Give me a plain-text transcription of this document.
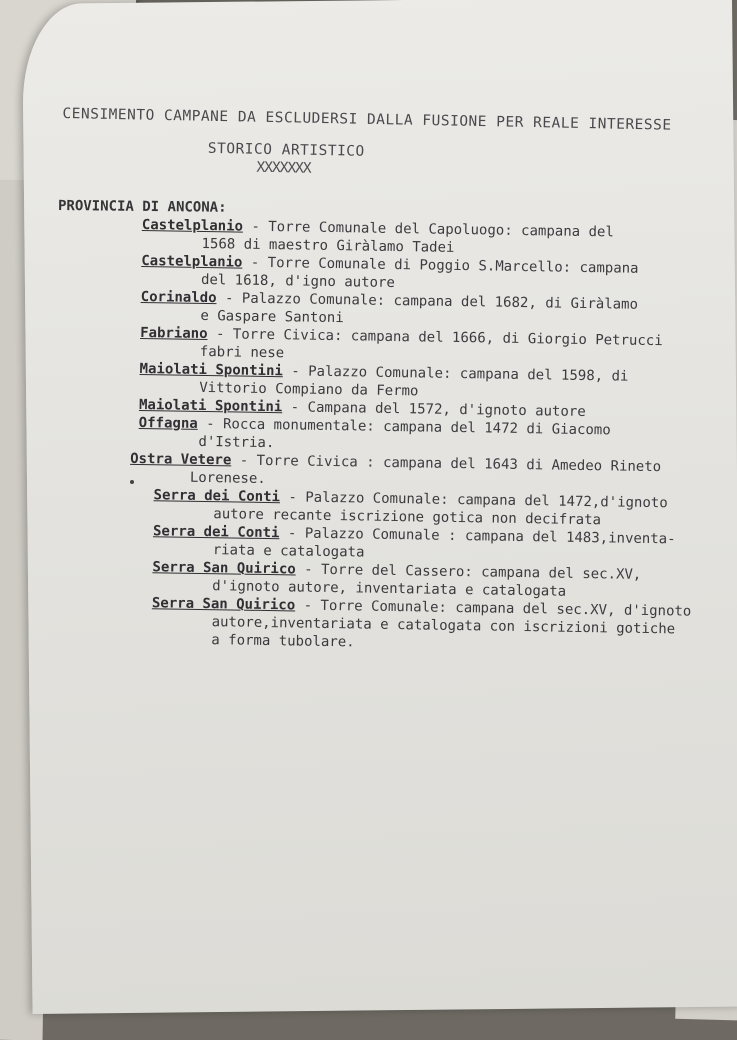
CENSIMENTO CAMPANE DA ESCLUDERSI DALLA FUSIONE PER REALE INTERESSE
STORICO ARTISTICO
XXXXXXX
PROVINCIA DI ANCONA:
Castelplanio - Torre Comunale del Capoluogo: campana del
1568 di maestro Giràlamo Tadei
Castelplanio - Torre Comunale di Poggio S.Marcello: campana
del 1618, d'igno autore
Corinaldo - Palazzo Comunale: campana del 1682, di Giràlamo
e Gaspare Santoni
Fabriano - Torre Civica: campana del 1666, di Giorgio Petrucci
fabri nese
Maiolati Spontini - Palazzo Comunale: campana del 1598, di
Vittorio Compiano da Fermo
Maiolati Spontini - Campana del 1572, d'ignoto autore
Offagna - Rocca monumentale: campana del 1472 di Giacomo
d'Istria.
Ostra Vetere - Torre Civica : campana del 1643 di Amedeo Rineto
Lorenese.
Serra dei Conti - Palazzo Comunale: campana del 1472,d'ignoto
autore recante iscrizione gotica non decifrata
Serra dei Conti - Palazzo Comunale : campana del 1483,inventa-
riata e catalogata
Serra San Quirico - Torre del Cassero: campana del sec.XV,
d'ignoto autore, inventariata e catalogata
Serra San Quirico - Torre Comunale: campana del sec.XV, d'ignoto
autore,inventariata e catalogata con iscrizioni gotiche
a forma tubolare.
